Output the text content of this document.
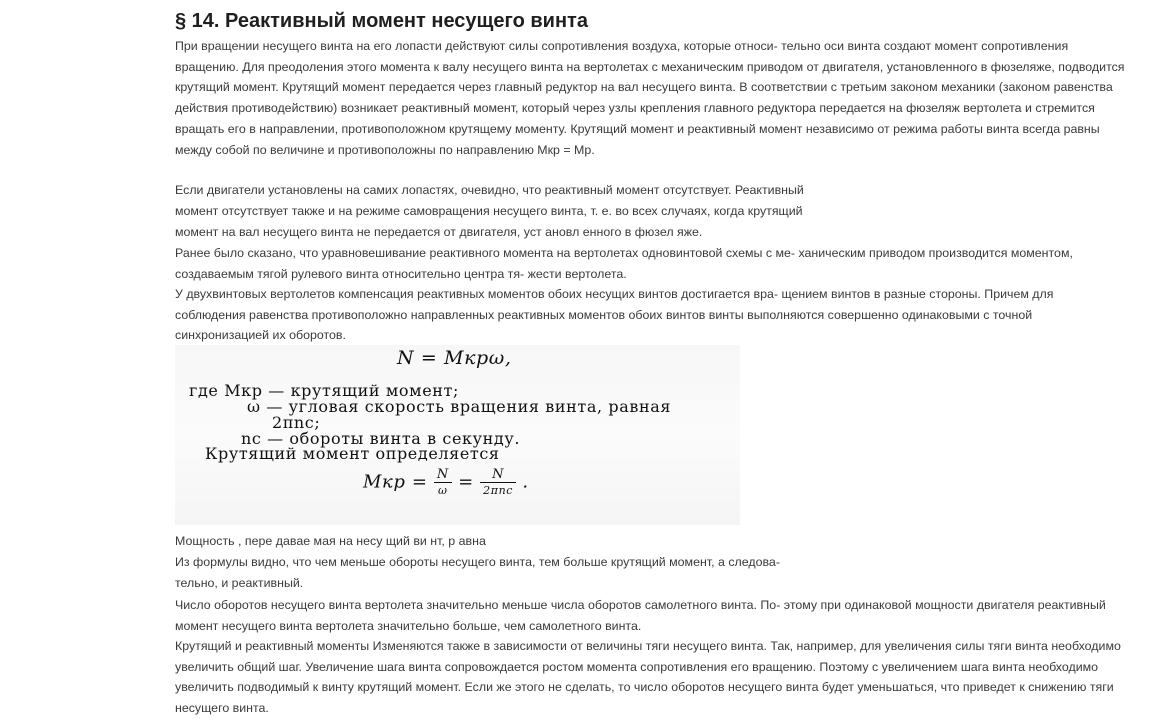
§ 14. Реактивный момент несущего винта

При вращении несущего винта на его лопасти действуют силы сопротивления воздуха, которые относи- тельно оси винта создают момент сопротивления вращению. Для преодоления этого момента к валу несущего винта на вертолетах с механическим приводом от двигателя, установленного в фюзеляже, подводится крутящий момент. Крутящий момент передается через главный редуктор на вал несущего винта. В соответствии с третьим законом механики (законом равенства действия противодействию) возникает реактивный момент, который через узлы крепления главного редуктора передается на фюзеляж вертолета и стремится вращать его в направлении, противоположном крутящему моменту. Крутящий момент и реактивный момент независимо от режима работы винта всегда равны между собой по величине и противоположны по направлению Мкр = Мр.

Если двигатели установлены на самих лопастях, очевидно, что реактивный момент отсутствует. Реактивный

момент отсутствует также и на режиме самовращения несущего винта, т. е. во всех случаях, когда крутящий

момент на вал несущего винта не передается от двигателя, уст ановл енного в фюзел яже.

Ранее было сказано, что уравновешивание реактивного момента на вертолетах одновинтовой схемы с ме- ханическим приводом производится моментом, создаваемым тягой рулевого винта относительно центра тя- жести вертолета.

У двухвинтовых вертолетов компенсация реактивных моментов обоих несущих винтов достигается вра- щением винтов в разные стороны. Причем для соблюдения равенства противоположно направленных реактивных моментов обоих винтов винты выполняются совершенно одинаковыми с точной синхронизацией их оборотов.

N = Mкрω,
где Mкр — крутящий момент;
ω — угловая скорость вращения винта, равная
2πnс;
nс — обороты винта в секунду.
Крутящий момент определяется
Mкр = $\frac{N}{\omega} = \frac{N}{\text{2πnс}}$ .

Мощность , пере давае мая на несу щий ви нт, р авна

Из формулы видно, что чем меньше обороты несущего винта, тем больше крутящий момент, а следова-

тельно, и реактивный.

Число оборотов несущего винта вертолета значительно меньше числа оборотов самолетного винта. По- этому при одинаковой мощности двигателя реактивный момент несущего винта вертолета значительно больше, чем самолетного винта.

Крутящий и реактивный моменты Изменяются также в зависимости от величины тяги несущего винта. Так, например, для увеличения силы тяги винта необходимо увеличить общий шаг. Увеличение шага винта сопровождается ростом момента сопротивления его вращению. Поэтому с увеличением шага винта необходимо увеличить подводимый к винту крутящий момент. Если же этого не сделать, то число оборотов несущего винта будет уменьшаться, что приведет к снижению тяги несущего винта.
